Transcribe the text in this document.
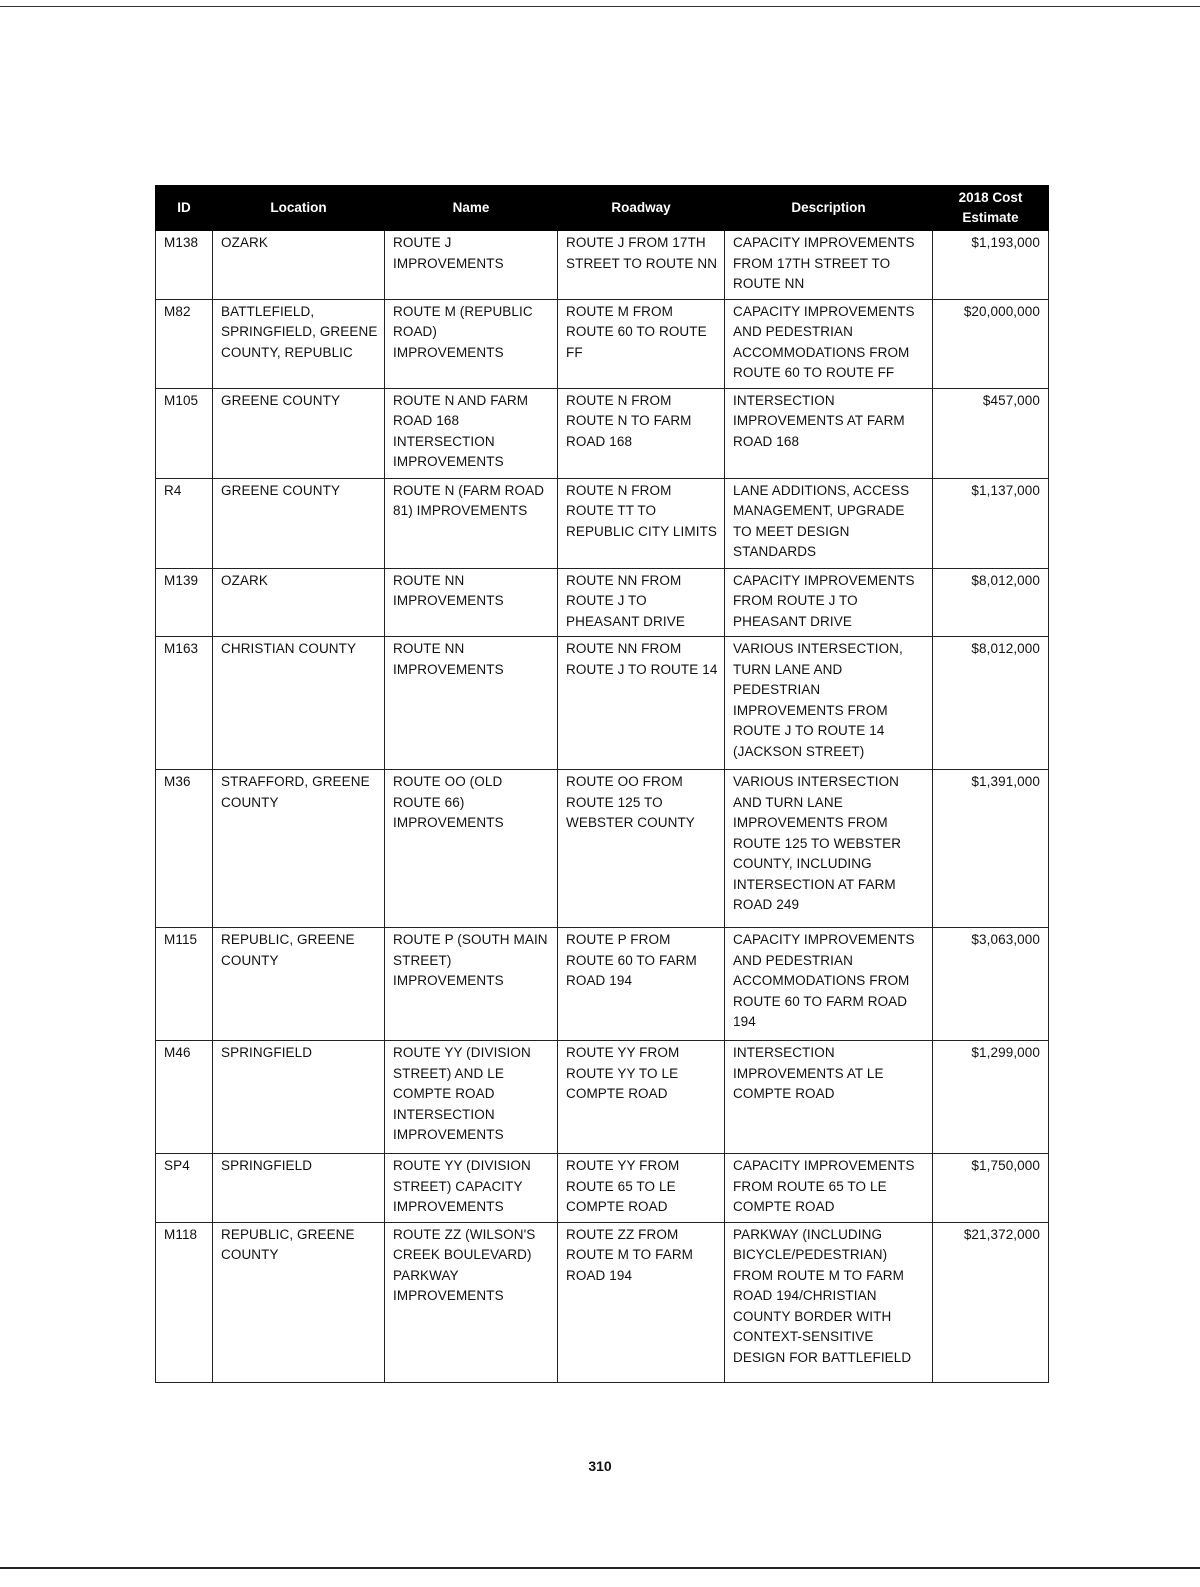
ID	Location	Name	Roadway	Description	2018 Cost Estimate
M138	OZARK	ROUTE J IMPROVEMENTS	ROUTE J FROM 17TH STREET TO ROUTE NN	CAPACITY IMPROVEMENTS FROM 17TH STREET TO ROUTE NN	$1,193,000
M82	BATTLEFIELD, SPRINGFIELD, GREENE COUNTY, REPUBLIC	ROUTE M (REPUBLIC ROAD) IMPROVEMENTS	ROUTE M FROM ROUTE 60 TO ROUTE FF	CAPACITY IMPROVEMENTS AND PEDESTRIAN ACCOMMODATIONS FROM ROUTE 60 TO ROUTE FF	$20,000,000
M105	GREENE COUNTY	ROUTE N AND FARM ROAD 168 INTERSECTION IMPROVEMENTS	ROUTE N FROM ROUTE N TO FARM ROAD 168	INTERSECTION IMPROVEMENTS AT FARM ROAD 168	$457,000
R4	GREENE COUNTY	ROUTE N (FARM ROAD 81) IMPROVEMENTS	ROUTE N FROM ROUTE TT TO REPUBLIC CITY LIMITS	LANE ADDITIONS, ACCESS MANAGEMENT, UPGRADE TO MEET DESIGN STANDARDS	$1,137,000
M139	OZARK	ROUTE NN IMPROVEMENTS	ROUTE NN FROM ROUTE J TO PHEASANT DRIVE	CAPACITY IMPROVEMENTS FROM ROUTE J TO PHEASANT DRIVE	$8,012,000
M163	CHRISTIAN COUNTY	ROUTE NN IMPROVEMENTS	ROUTE NN FROM ROUTE J TO ROUTE 14	VARIOUS INTERSECTION, TURN LANE AND PEDESTRIAN IMPROVEMENTS FROM ROUTE J TO ROUTE 14 (JACKSON STREET)	$8,012,000
M36	STRAFFORD, GREENE COUNTY	ROUTE OO (OLD ROUTE 66) IMPROVEMENTS	ROUTE OO FROM ROUTE 125 TO WEBSTER COUNTY	VARIOUS INTERSECTION AND TURN LANE IMPROVEMENTS FROM ROUTE 125 TO WEBSTER COUNTY, INCLUDING INTERSECTION AT FARM ROAD 249	$1,391,000
M115	REPUBLIC, GREENE COUNTY	ROUTE P (SOUTH MAIN STREET) IMPROVEMENTS	ROUTE P FROM ROUTE 60 TO FARM ROAD 194	CAPACITY IMPROVEMENTS AND PEDESTRIAN ACCOMMODATIONS FROM ROUTE 60 TO FARM ROAD 194	$3,063,000
M46	SPRINGFIELD	ROUTE YY (DIVISION STREET) AND LE COMPTE ROAD INTERSECTION IMPROVEMENTS	ROUTE YY FROM ROUTE YY TO LE COMPTE ROAD	INTERSECTION IMPROVEMENTS AT LE COMPTE ROAD	$1,299,000
SP4	SPRINGFIELD	ROUTE YY (DIVISION STREET) CAPACITY IMPROVEMENTS	ROUTE YY FROM ROUTE 65 TO LE COMPTE ROAD	CAPACITY IMPROVEMENTS FROM ROUTE 65 TO LE COMPTE ROAD	$1,750,000
M118	REPUBLIC, GREENE COUNTY	ROUTE ZZ (WILSON'S CREEK BOULEVARD) PARKWAY IMPROVEMENTS	ROUTE ZZ FROM ROUTE M TO FARM ROAD 194	PARKWAY (INCLUDING BICYCLE/PEDESTRIAN) FROM ROUTE M TO FARM ROAD 194/CHRISTIAN COUNTY BORDER WITH CONTEXT-SENSITIVE DESIGN FOR BATTLEFIELD	$21,372,000
310
